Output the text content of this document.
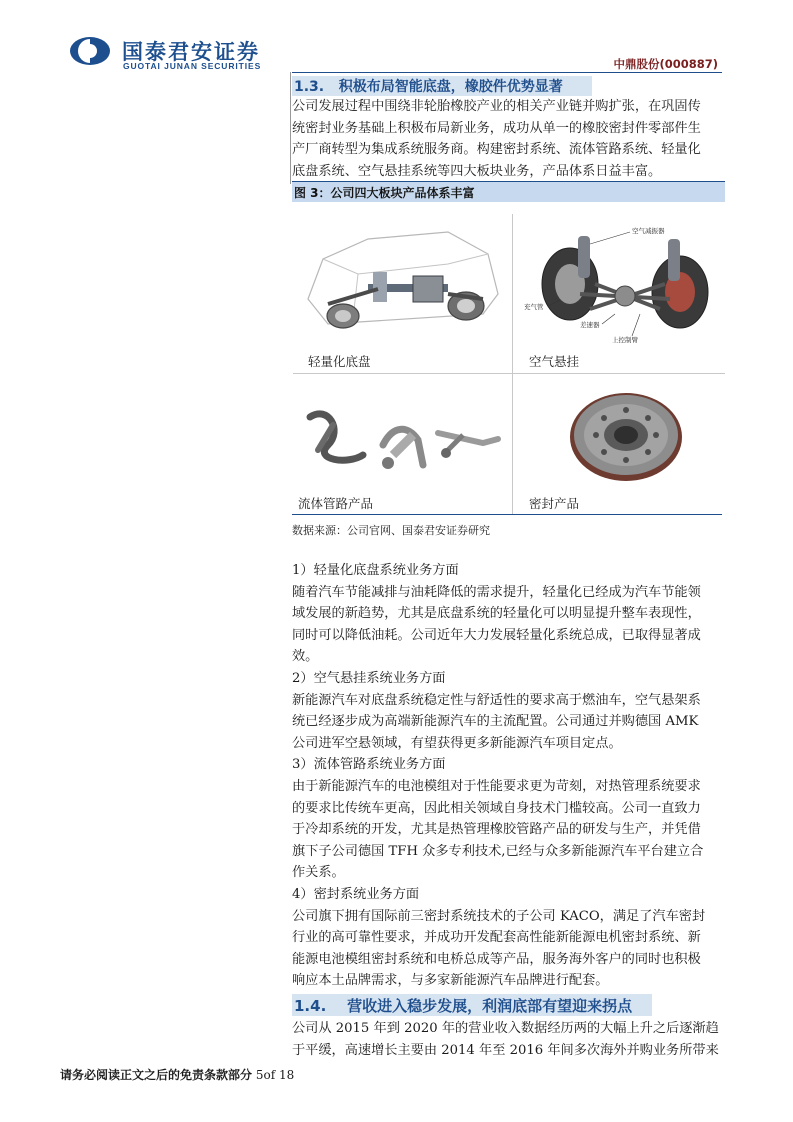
国泰君安证券
GUOTAI JUNAN SECURITIES	中鼎股份(000887)
1.3. 积极布局智能底盘，橡胶件优势显著
公司发展过程中围绕非轮胎橡胶产业的相关产业链并购扩张，在巩固传
统密封业务基础上积极布局新业务，成功从单一的橡胶密封件零部件生
产厂商转型为集成系统服务商。构建密封系统、流体管路系统、轻量化
底盘系统、空气悬挂系统等四大板块业务，产品体系日益丰富。
图 3：公司四大板块产品体系丰富
轻量化底盘
空气减振器
充气管
差速器
上控制臂
空气悬挂
流体管路产品	密封产品
数据来源：公司官网、国泰君安证券研究
1）轻量化底盘系统业务方面
随着汽车节能减排与油耗降低的需求提升，轻量化已经成为汽车节能领
域发展的新趋势，尤其是底盘系统的轻量化可以明显提升整车表现性，
同时可以降低油耗。公司近年大力发展轻量化系统总成，已取得显著成
效。
2）空气悬挂系统业务方面
新能源汽车对底盘系统稳定性与舒适性的要求高于燃油车，空气悬架系
统已经逐步成为高端新能源汽车的主流配置。公司通过并购德国 AMK
公司进军空悬领域，有望获得更多新能源汽车项目定点。
3）流体管路系统业务方面
由于新能源汽车的电池模组对于性能要求更为苛刻，对热管理系统要求
的要求比传统车更高，因此相关领域自身技术门槛较高。公司一直致力
于冷却系统的开发，尤其是热管理橡胶管路产品的研发与生产，并凭借
旗下子公司德国 TFH 众多专利技术,已经与众多新能源汽车平台建立合
作关系。
4）密封系统业务方面
公司旗下拥有国际前三密封系统技术的子公司 KACO，满足了汽车密封
行业的高可靠性要求，并成功开发配套高性能新能源电机密封系统、新
能源电池模组密封系统和电桥总成等产品，服务海外客户的同时也积极
响应本土品牌需求，与多家新能源汽车品牌进行配套。
1.4. 营收进入稳步发展，利润底部有望迎来拐点
公司从 2015 年到 2020 年的营业收入数据经历两的大幅上升之后逐渐趋
于平缓，高速增长主要由 2014 年至 2016 年间多次海外并购业务所带来
请务必阅读正文之后的免责条款部分 5of 18
